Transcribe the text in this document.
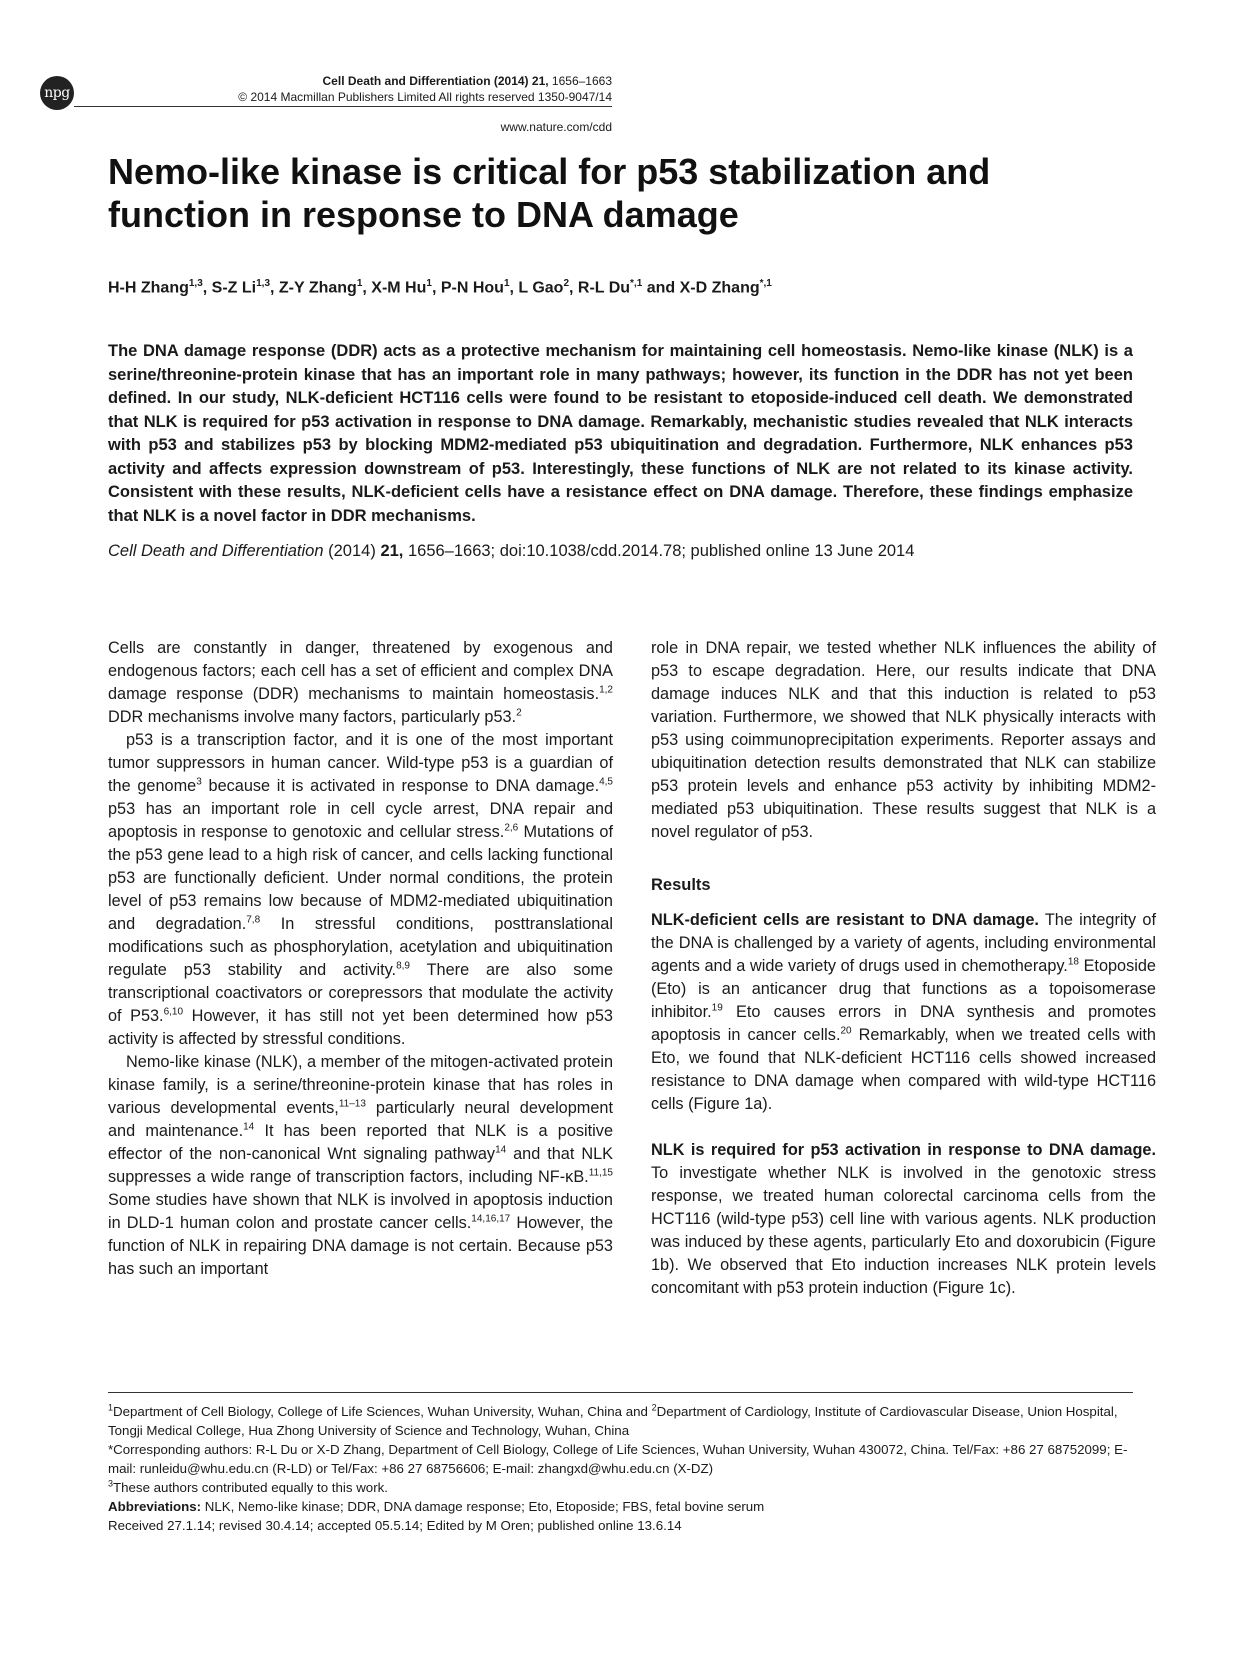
npg
Cell Death and Differentiation (2014) 21, 1656–1663
© 2014 Macmillan Publishers Limited All rights reserved 1350-9047/14
www.nature.com/cdd
Nemo-like kinase is critical for p53 stabilization and function in response to DNA damage
H-H Zhang$^{1,3}$, S-Z Li$^{1,3}$, Z-Y Zhang$^1$, X-M Hu$^1$, P-N Hou$^1$, L Gao$^2$, R-L $Du^{*,1}$ and X-D Zhang$^{*,1}$
The DNA damage response (DDR) acts as a protective mechanism for maintaining cell homeostasis. Nemo-like kinase (NLK) is a serine/threonine-protein kinase that has an important role in many pathways; however, its function in the DDR has not yet been defined. In our study, NLK-deficient HCT116 cells were found to be resistant to etoposide-induced cell death. We demonstrated that NLK is required for p53 activation in response to DNA damage. Remarkably, mechanistic studies revealed that NLK interacts with p53 and stabilizes p53 by blocking MDM2-mediated p53 ubiquitination and degradation. Furthermore, NLK enhances p53 activity and affects expression downstream of p53. Interestingly, these functions of NLK are not related to its kinase activity. Consistent with these results, NLK-deficient cells have a resistance effect on DNA damage. Therefore, these findings emphasize that NLK is a novel factor in DDR mechanisms.
Cell Death and Differentiation (2014) 21, 1656–1663; doi:10.1038/cdd.2014.78; published online 13 June 2014

Cells are constantly in danger, threatened by exogenous and endogenous factors; each cell has a set of efficient and complex DNA damage response (DDR) mechanisms to maintain homeostasis.$^{1,2}$ DDR mechanisms involve many factors, particularly p53.$^2$

p53 is a transcription factor, and it is one of the most important tumor suppressors in human cancer. Wild-type p53 is a guardian of the genome$^3$ because it is activated in response to DNA damage.$^{4,5}$ p53 has an important role in cell cycle arrest, DNA repair and apoptosis in response to genotoxic and cellular stress.$^{2,6}$ Mutations of the p53 gene lead to a high risk of cancer, and cells lacking functional p53 are functionally deficient. Under normal conditions, the protein level of p53 remains low because of MDM2-mediated ubiquitination and degradation.$^{7,8}$ In stressful conditions, posttranslational modifications such as phosphorylation, acetylation and ubiquitination regulate p53 stability and activity.$^{8,9}$ There are also some transcriptional coactivators or corepressors that modulate the activity of P53.$^{6,10}$ However, it has still not yet been determined how p53 activity is affected by stressful conditions.

Nemo-like kinase (NLK), a member of the mitogen-activated protein kinase family, is a serine/threonine-protein kinase that has roles in various developmental events,$^{11-13}$ particularly neural development and maintenance.$^{14}$ It has been reported that NLK is a positive effector of the non-canonical Wnt signaling pathway$^{14}$ and that NLK suppresses a wide range of transcription factors, including NF-κB.$^{11,15}$ Some studies have shown that NLK is involved in apoptosis induction in DLD-1 human colon and prostate cancer cells.$^{14,16,17}$ However, the function of NLK in repairing DNA damage is not certain. Because p53 has such an important

role in DNA repair, we tested whether NLK influences the ability of p53 to escape degradation. Here, our results indicate that DNA damage induces NLK and that this induction is related to p53 variation. Furthermore, we showed that NLK physically interacts with p53 using coimmunoprecipitation experiments. Reporter assays and ubiquitination detection results demonstrated that NLK can stabilize p53 protein levels and enhance p53 activity by inhibiting MDM2-mediated p53 ubiquitination. These results suggest that NLK is a novel regulator of p53.

Results

NLK-deficient cells are resistant to DNA damage. The integrity of the DNA is challenged by a variety of agents, including environmental agents and a wide variety of drugs used in chemotherapy.$^{18}$ Etoposide (Eto) is an anticancer drug that functions as a topoisomerase inhibitor.$^{19}$ Eto causes errors in DNA synthesis and promotes apoptosis in cancer cells.$^{20}$ Remarkably, when we treated cells with Eto, we found that NLK-deficient HCT116 cells showed increased resistance to DNA damage when compared with wild-type HCT116 cells (Figure 1a).

NLK is required for p53 activation in response to DNA damage. To investigate whether NLK is involved in the genotoxic stress response, we treated human colorectal carcinoma cells from the HCT116 (wild-type p53) cell line with various agents. NLK production was induced by these agents, particularly Eto and doxorubicin (Figure 1b). We observed that Eto induction increases NLK protein levels concomitant with p53 protein induction (Figure 1c).

$^1$Department of Cell Biology, College of Life Sciences, Wuhan University, Wuhan, China and $^2$Department of Cardiology, Institute of Cardiovascular Disease, Union Hospital, Tongji Medical College, Hua Zhong University of Science and Technology, Wuhan, China

*Corresponding authors: R-L Du or X-D Zhang, Department of Cell Biology, College of Life Sciences, Wuhan University, Wuhan 430072, China. Tel/Fax: +86 27 68752099; E-mail: runleidu@whu.edu.cn (R-LD) or Tel/Fax: +86 27 68756606; E-mail: zhangxd@whu.edu.cn (X-DZ)

$^3$These authors contributed equally to this work.

Abbreviations: NLK, Nemo-like kinase; DDR, DNA damage response; Eto, Etoposide; FBS, fetal bovine serum

Received 27.1.14; revised 30.4.14; accepted 05.5.14; Edited by M Oren; published online 13.6.14
